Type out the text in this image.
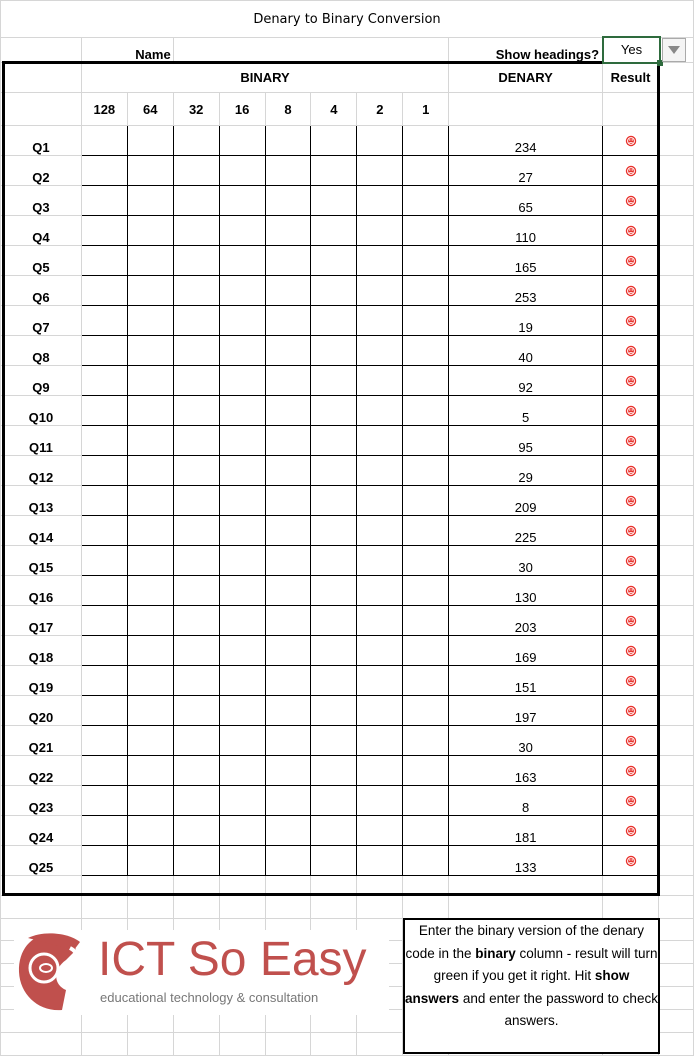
Denary to Binary Conversion											
	Name								Show headings?		
	BINARY								DENARY	Result	
	128	64	32	16	8	4	2	1			
Q1									234		
Q2									27		
Q3									65		
Q4									110		
Q5									165		
Q6									253		
Q7									19		
Q8									40		
Q9									92		
Q10									5		
Q11									95		
Q12									29		
Q13									209		
Q14									225		
Q15									30		
Q16									130		
Q17									203		
Q18									169		
Q19									151		
Q20									197		
Q21									30		
Q22									163		
Q23									8		
Q24									181		
Q25									133		

Yes
ICT So Easy
educational technology & consultation
Enter the binary version of the denary code in the binary column - result will turn green if you get it right. Hit show answers and enter the password to check answers.
